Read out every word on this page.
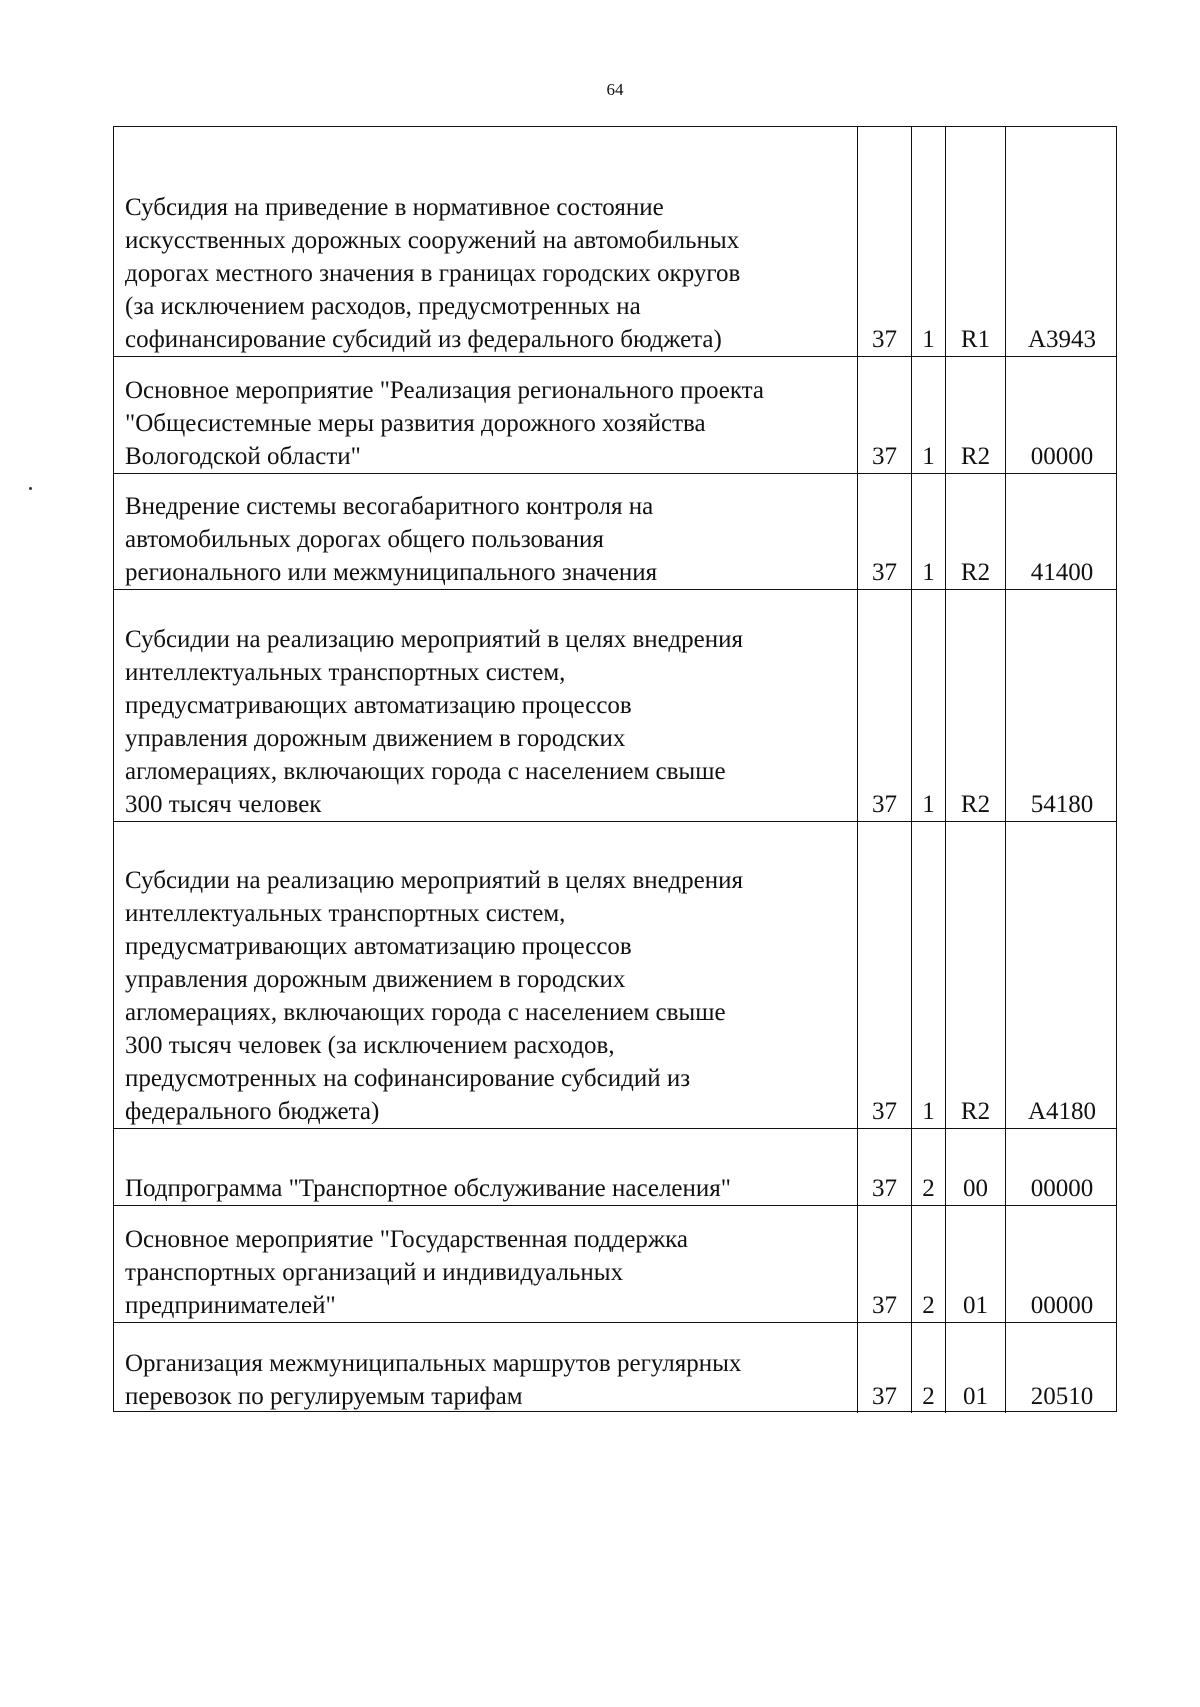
64
Субсидия на приведение в нормативное состояние
искусственных дорожных сооружений на автомобильных
дорогах местного значения в границах городских округов
(за исключением расходов, предусмотренных на
софинансирование субсидий из федерального бюджета)	37	1	R1	А3943
Основное мероприятие "Реализация регионального проекта
"Общесистемные меры развития дорожного хозяйства
Вологодской области"	37	1	R2	00000
Внедрение системы весогабаритного контроля на
автомобильных дорогах общего пользования
регионального или межмуниципального значения	37	1	R2	41400
Субсидии на реализацию мероприятий в целях внедрения
интеллектуальных транспортных систем,
предусматривающих автоматизацию процессов
управления дорожным движением в городских
агломерациях, включающих города с населением свыше
300 тысяч человек	37	1	R2	54180
Субсидии на реализацию мероприятий в целях внедрения
интеллектуальных транспортных систем,
предусматривающих автоматизацию процессов
управления дорожным движением в городских
агломерациях, включающих города с населением свыше
300 тысяч человек (за исключением расходов,
предусмотренных на софинансирование субсидий из
федерального бюджета)	37	1	R2	А4180
Подпрограмма "Транспортное обслуживание населения"	37	2	00	00000
Основное мероприятие "Государственная поддержка
транспортных организаций и индивидуальных
предпринимателей"	37	2	01	00000
Организация межмуниципальных маршрутов регулярных
перевозок по регулируемым тарифам	37	2	01	20510
